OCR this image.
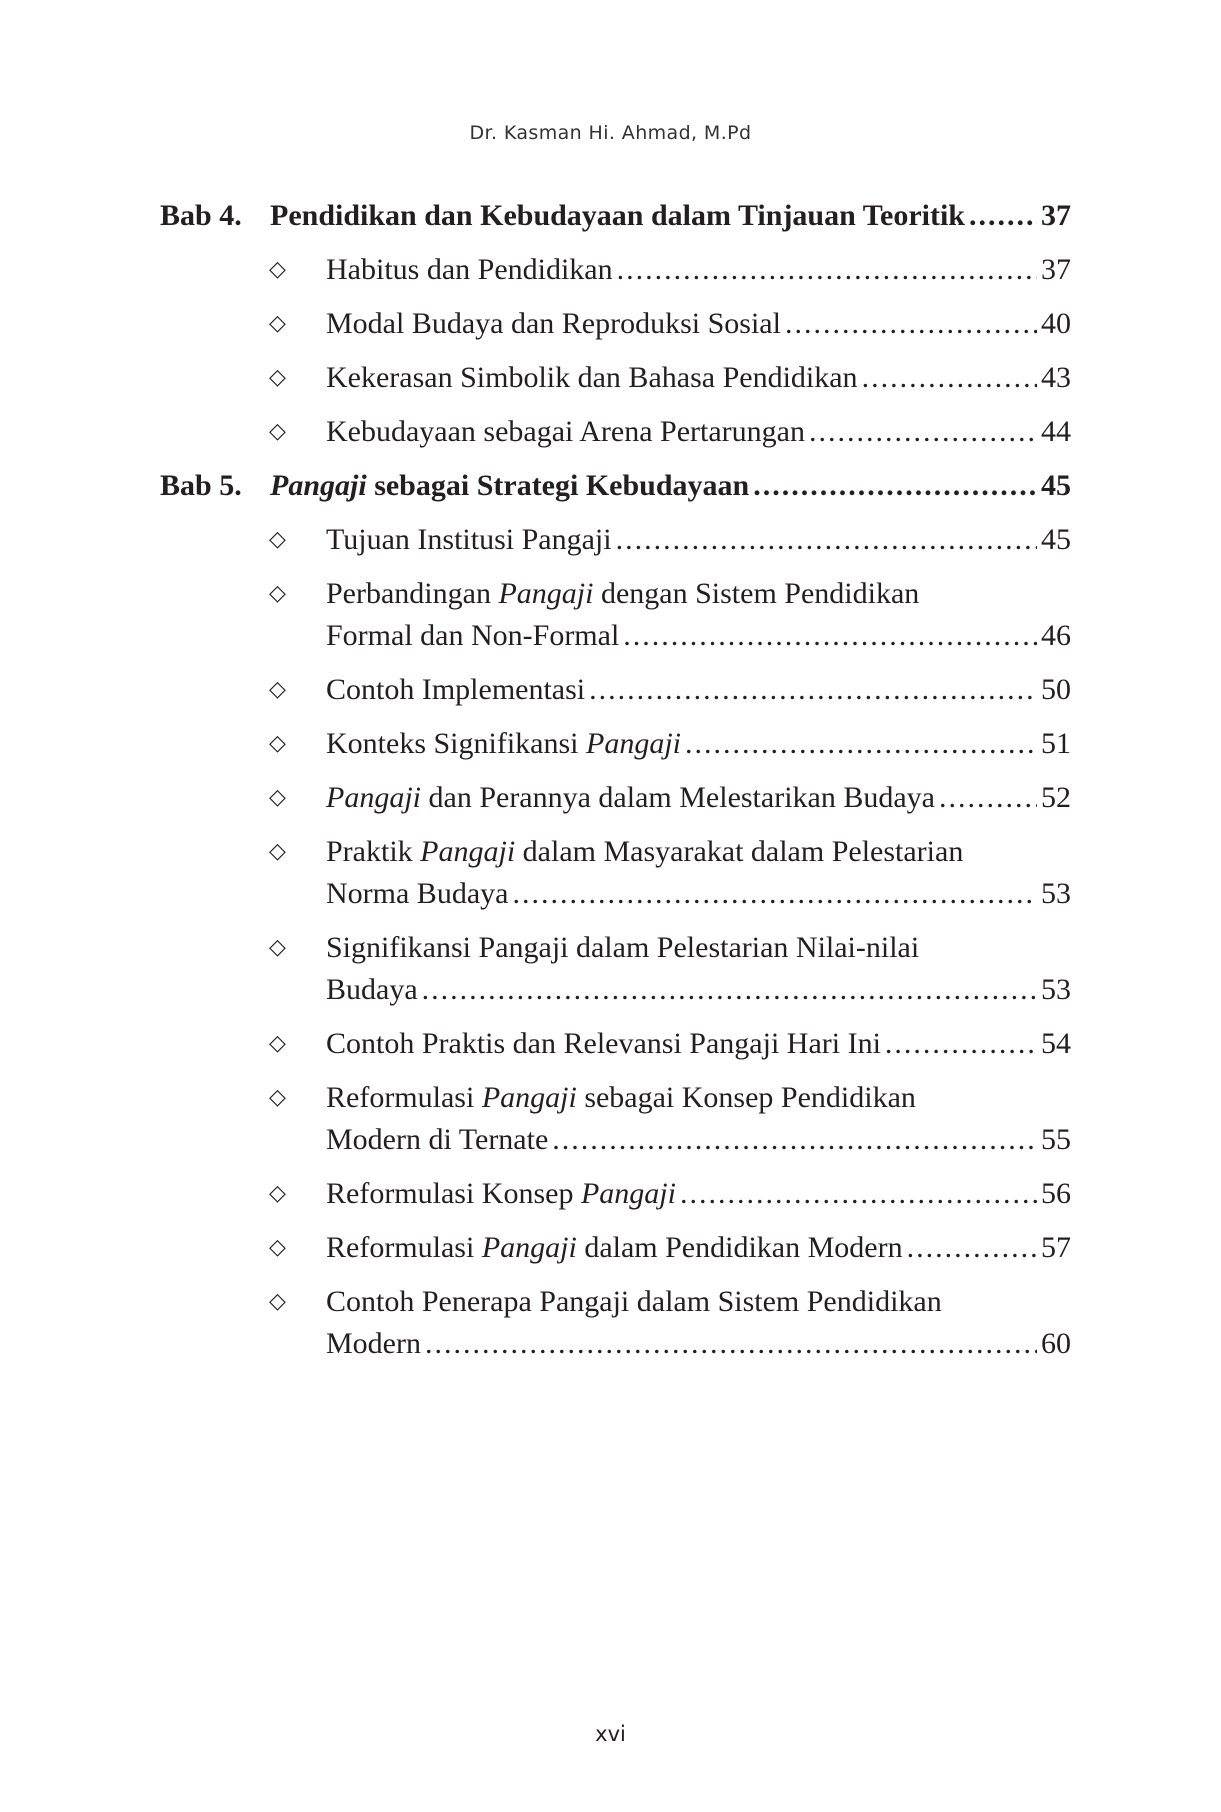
Dr. Kasman Hi. Ahmad, M.Pd
Bab 4. Pendidikan dan Kebudayaan dalam Tinjauan Teoritik .....	37
◇ Habitus dan Pendidikan .....	37
◇ Modal Budaya dan Reproduksi Sosial .....	40
◇ Kekerasan Simbolik dan Bahasa Pendidikan .....	43
◇ Kebudayaan sebagai Arena Pertarungan .....	44
Bab 5. Pangaji sebagai Strategi Kebudayaan .....	45
◇ Tujuan Institusi Pangaji .....	45
◇ Perbandingan Pangaji dengan Sistem Pendidikan
Formal dan Non-Formal .....	46
◇ Contoh Implementasi .....	50
◇ Konteks Signifikansi Pangaji .....	51
◇ Pangaji dan Perannya dalam Melestarikan Budaya .....	52
◇ Praktik Pangaji dalam Masyarakat dalam Pelestarian
Norma Budaya .....	53
◇ Signifikansi Pangaji dalam Pelestarian Nilai-nilai
Budaya .....	53
◇ Contoh Praktis dan Relevansi Pangaji Hari Ini .....	54
◇ Reformulasi Pangaji sebagai Konsep Pendidikan
Modern di Ternate .....	55
◇ Reformulasi Konsep Pangaji .....	56
◇ Reformulasi Pangaji dalam Pendidikan Modern .....	57
◇ Contoh Penerapa Pangaji dalam Sistem Pendidikan
Modern .....	60
xvi
